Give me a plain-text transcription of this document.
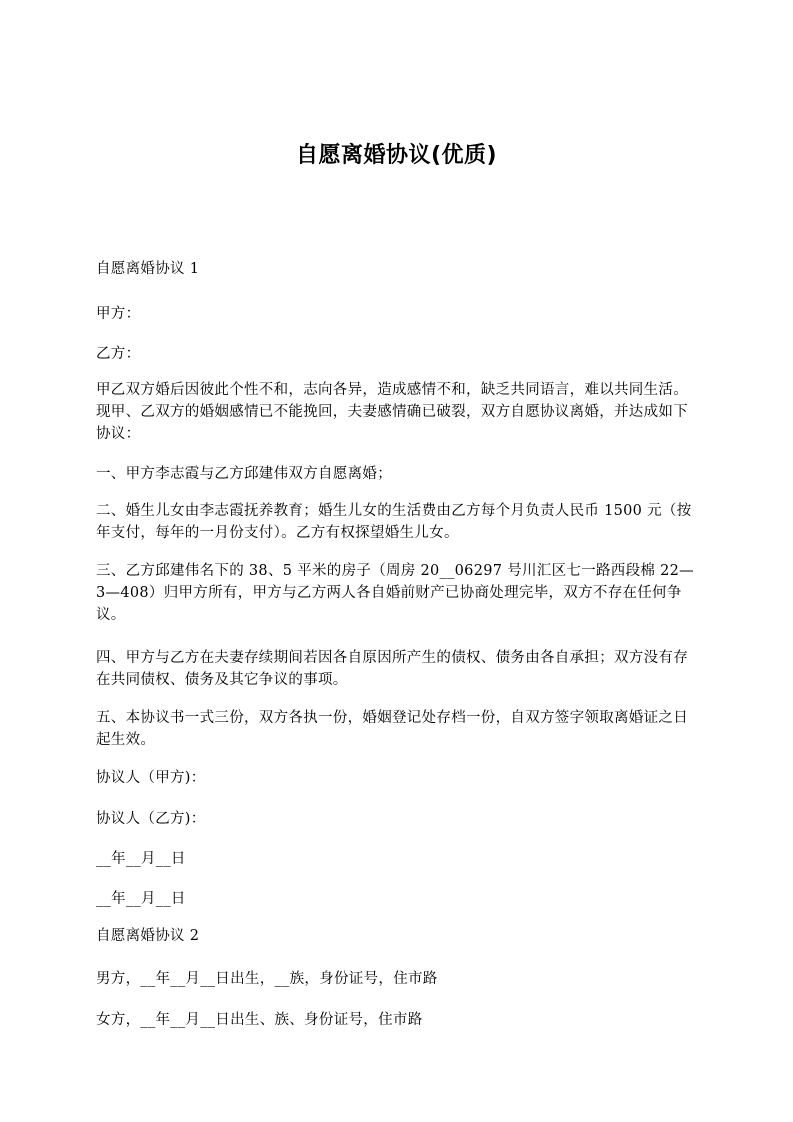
自愿离婚协议(优质)

自愿离婚协议 1

甲方：

乙方：

甲乙双方婚后因彼此个性不和，志向各异，造成感情不和，缺乏共同语言，难以共同生活。现甲、乙双方的婚姻感情已不能挽回，夫妻感情确已破裂，双方自愿协议离婚，并达成如下协议：

一、甲方李志霞与乙方邱建伟双方自愿离婚；

二、婚生儿女由李志霞抚养教育；婚生儿女的生活费由乙方每个月负责人民币 1500 元（按年支付，每年的一月份支付）。乙方有权探望婚生儿女。

三、乙方邱建伟名下的 38、5 平米的房子（周房 20__06297 号川汇区七一路西段棉 22—3—408）归甲方所有，甲方与乙方两人各自婚前财产已协商处理完毕，双方不存在任何争议。

四、甲方与乙方在夫妻存续期间若因各自原因所产生的债权、债务由各自承担；双方没有存在共同债权、债务及其它争议的事项。

五、本协议书一式三份，双方各执一份，婚姻登记处存档一份，自双方签字领取离婚证之日起生效。

协议人（甲方)：

协议人（乙方)：

__年__月__日

__年__月__日

自愿离婚协议 2

男方，__年__月__日出生，__族，身份证号，住市路

女方，__年__月__日出生、族、身份证号，住市路
